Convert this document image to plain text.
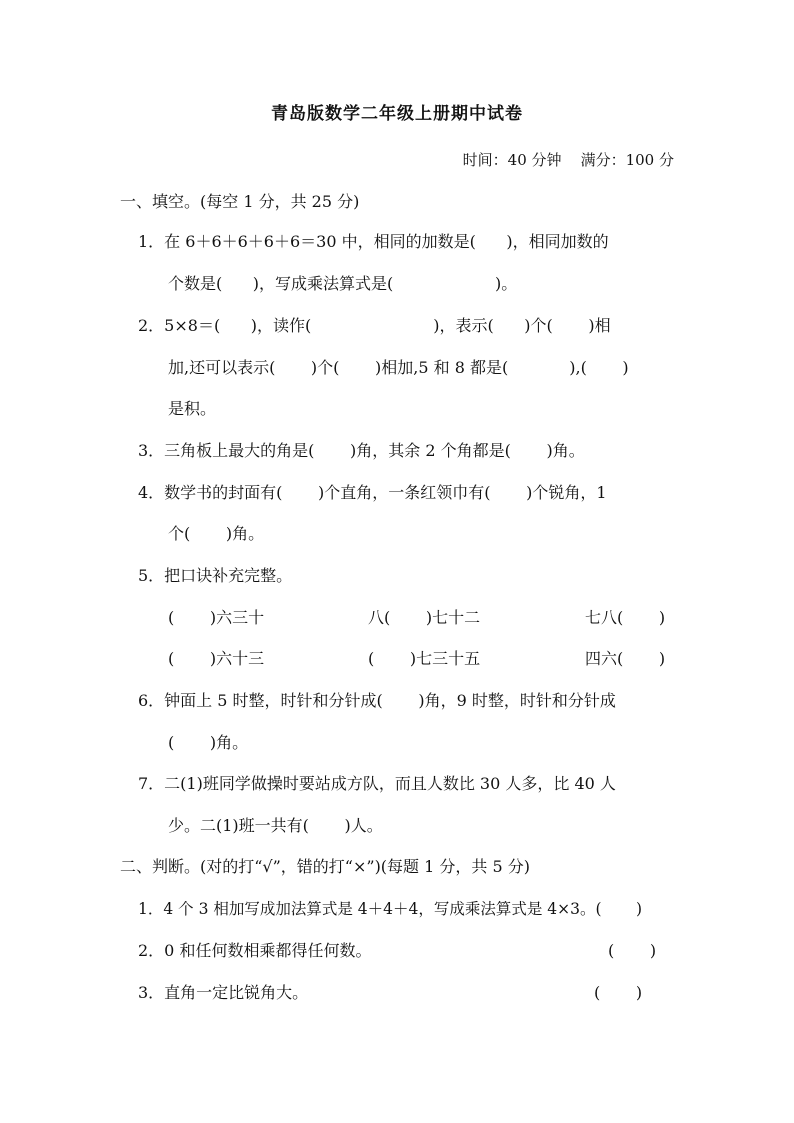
青岛版数学二年级上册期中试卷
时间：40 分钟    满分：100 分
一、填空。(每空 1 分，共 25 分)
1．在 6＋6＋6＋6＋6＝30 中，相同的加数是(      )，相同加数的
个数是(      )，写成乘法算式是(                    )。
2．5×8＝(      )，读作(                        )，表示(      )个(       )相
加,还可以表示(       )个(       )相加,5 和 8 都是(            ),(       )
是积。
3．三角板上最大的角是(       )角，其余 2 个角都是(       )角。
4．数学书的封面有(       )个直角，一条红领巾有(       )个锐角，1
个(       )角。
5．把口诀补充完整。
(       )六三十	八(       )七十二	七八(       )
(       )六十三	(       )七三十五	四六(       )
6．钟面上 5 时整，时针和分针成(       )角，9 时整，时针和分针成
(       )角。
7．二(1)班同学做操时要站成方队，而且人数比 30 人多，比 40 人
少。二(1)班一共有(       )人。
二、判断。(对的打“√”，错的打“×”)(每题 1 分，共 5 分)
1．4 个 3 相加写成加法算式是 4＋4＋4，写成乘法算式是 4×3。(       )
2．0 和任何数相乘都得任何数。	(       )
3．直角一定比锐角大。	(       )
